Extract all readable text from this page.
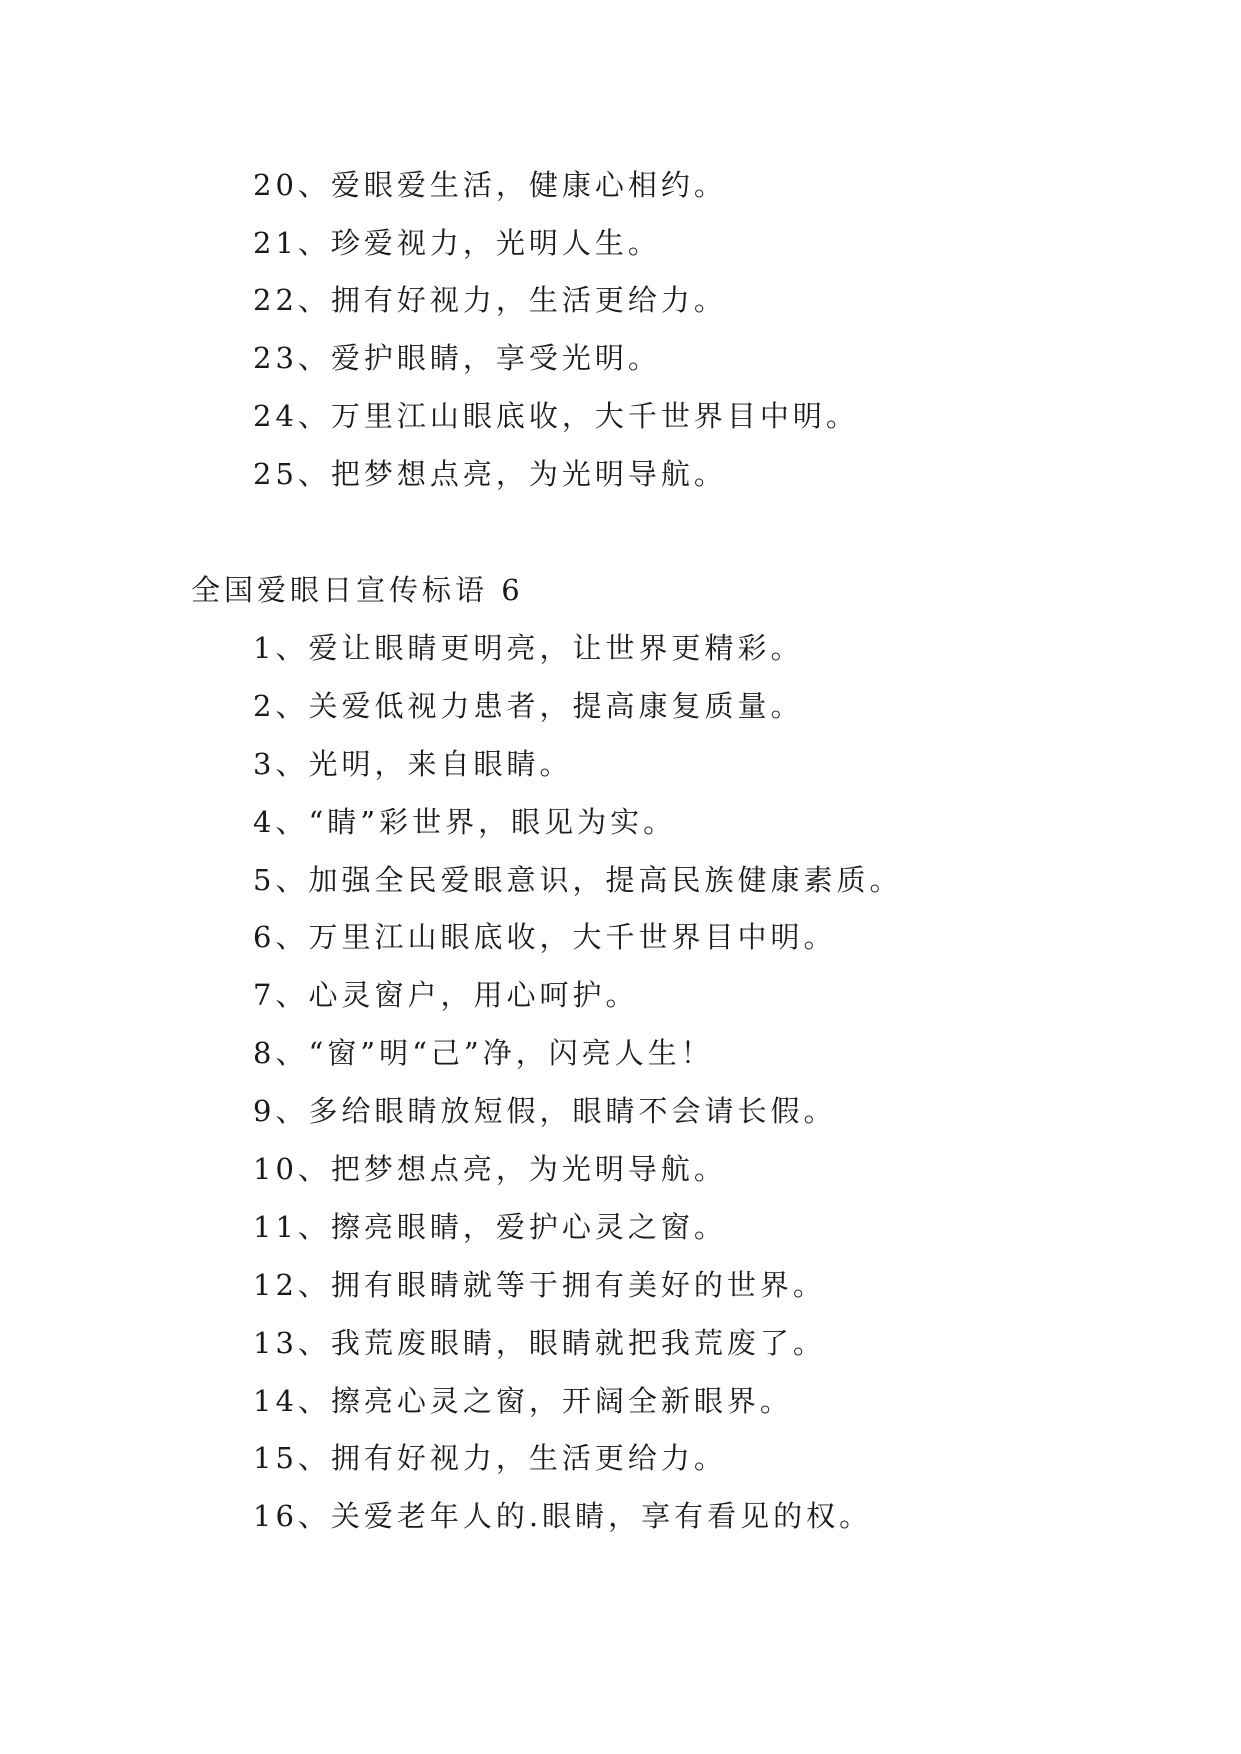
20、爱眼爱生活，健康心相约。
21、珍爱视力，光明人生。
22、拥有好视力，生活更给力。
23、爱护眼睛，享受光明。
24、万里江山眼底收，大千世界目中明。
25、把梦想点亮，为光明导航。
全国爱眼日宣传标语 6
1、爱让眼睛更明亮，让世界更精彩。
2、关爱低视力患者，提高康复质量。
3、光明，来自眼睛。
4、“睛”彩世界，眼见为实。
5、加强全民爱眼意识，提高民族健康素质。
6、万里江山眼底收，大千世界目中明。
7、心灵窗户，用心呵护。
8、“窗”明“己”净，闪亮人生！
9、多给眼睛放短假，眼睛不会请长假。
10、把梦想点亮，为光明导航。
11、擦亮眼睛，爱护心灵之窗。
12、拥有眼睛就等于拥有美好的世界。
13、我荒废眼睛，眼睛就把我荒废了。
14、擦亮心灵之窗，开阔全新眼界。
15、拥有好视力，生活更给力。
16、关爱老年人的.眼睛，享有看见的权。
